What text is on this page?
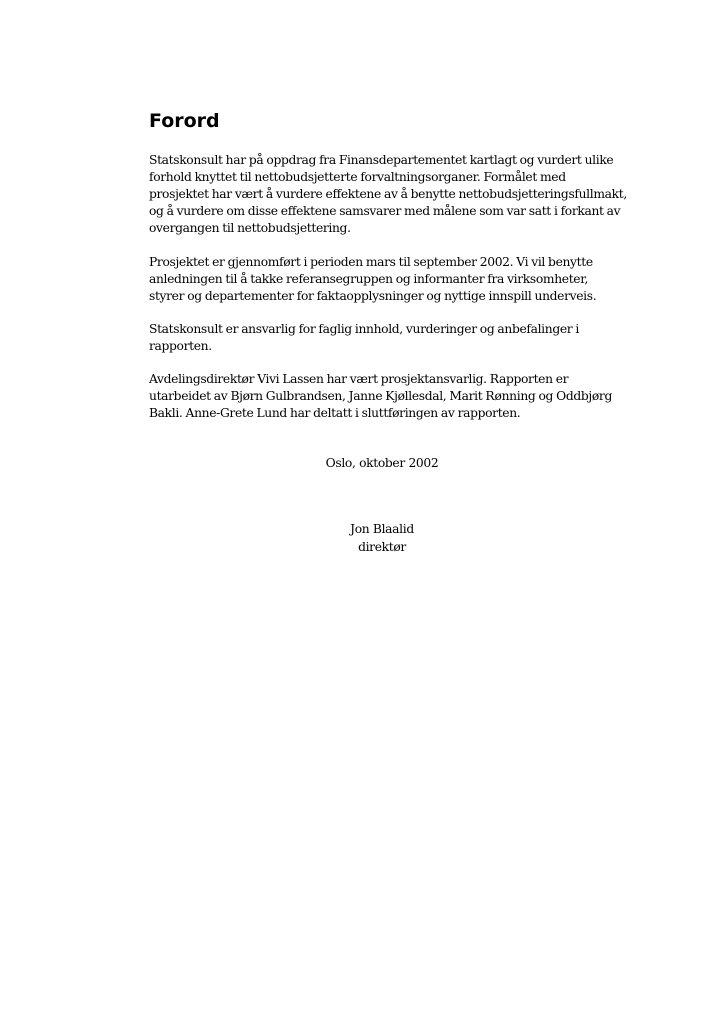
Forord
Statskonsult har på oppdrag fra Finansdepartementet kartlagt og vurdert ulike
forhold knyttet til nettobudsjetterte forvaltningsorganer. Formålet med
prosjektet har vært å vurdere effektene av å benytte nettobudsjetteringsfullmakt,
og å vurdere om disse effektene samsvarer med målene som var satt i forkant av
overgangen til nettobudsjettering.
Prosjektet er gjennomført i perioden mars til september 2002. Vi vil benytte
anledningen til å takke referansegruppen og informanter fra virksomheter,
styrer og departementer for faktaopplysninger og nyttige innspill underveis.
Statskonsult er ansvarlig for faglig innhold, vurderinger og anbefalinger i
rapporten.
Avdelingsdirektør Vivi Lassen har vært prosjektansvarlig. Rapporten er
utarbeidet av Bjørn Gulbrandsen, Janne Kjøllesdal, Marit Rønning og Oddbjørg
Bakli. Anne-Grete Lund har deltatt i sluttføringen av rapporten.
Oslo, oktober 2002
Jon Blaalid
direktør
